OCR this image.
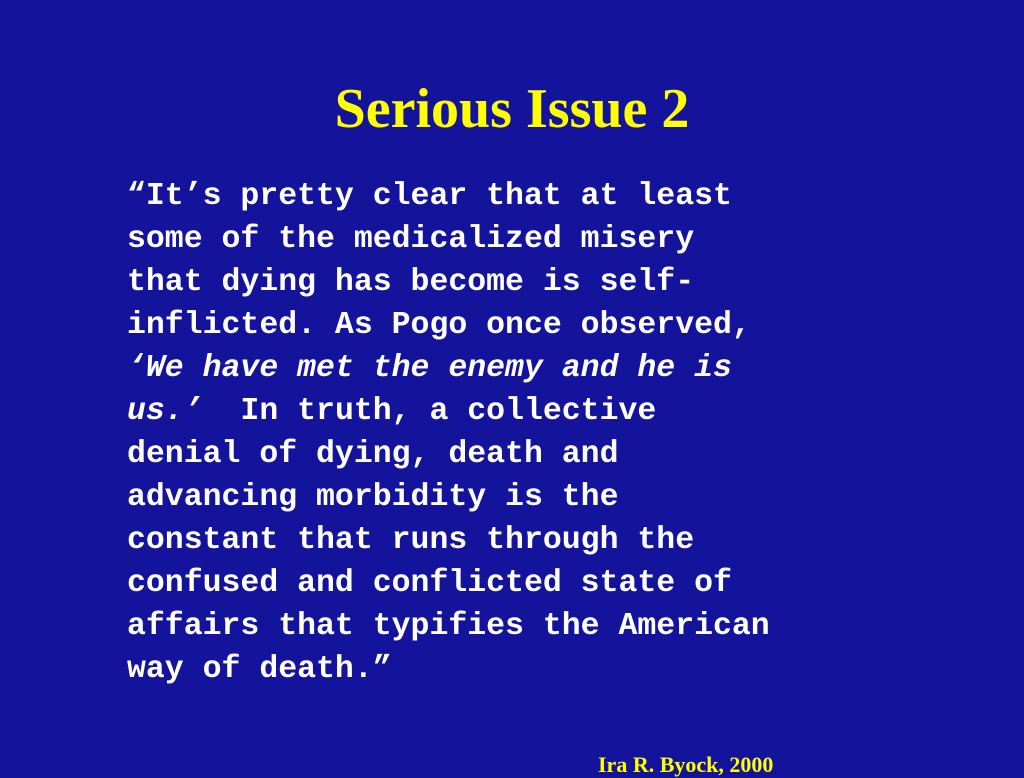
Serious Issue 2
“It’s pretty clear that at least
some of the medicalized misery
that dying has become is self-
inflicted. As Pogo once observed,
‘We have met the enemy and he is
us.’  In truth, a collective
denial of dying, death and
advancing morbidity is the
constant that runs through the
confused and conflicted state of
affairs that typifies the American
way of death.”
Ira R. Byock, 2000
